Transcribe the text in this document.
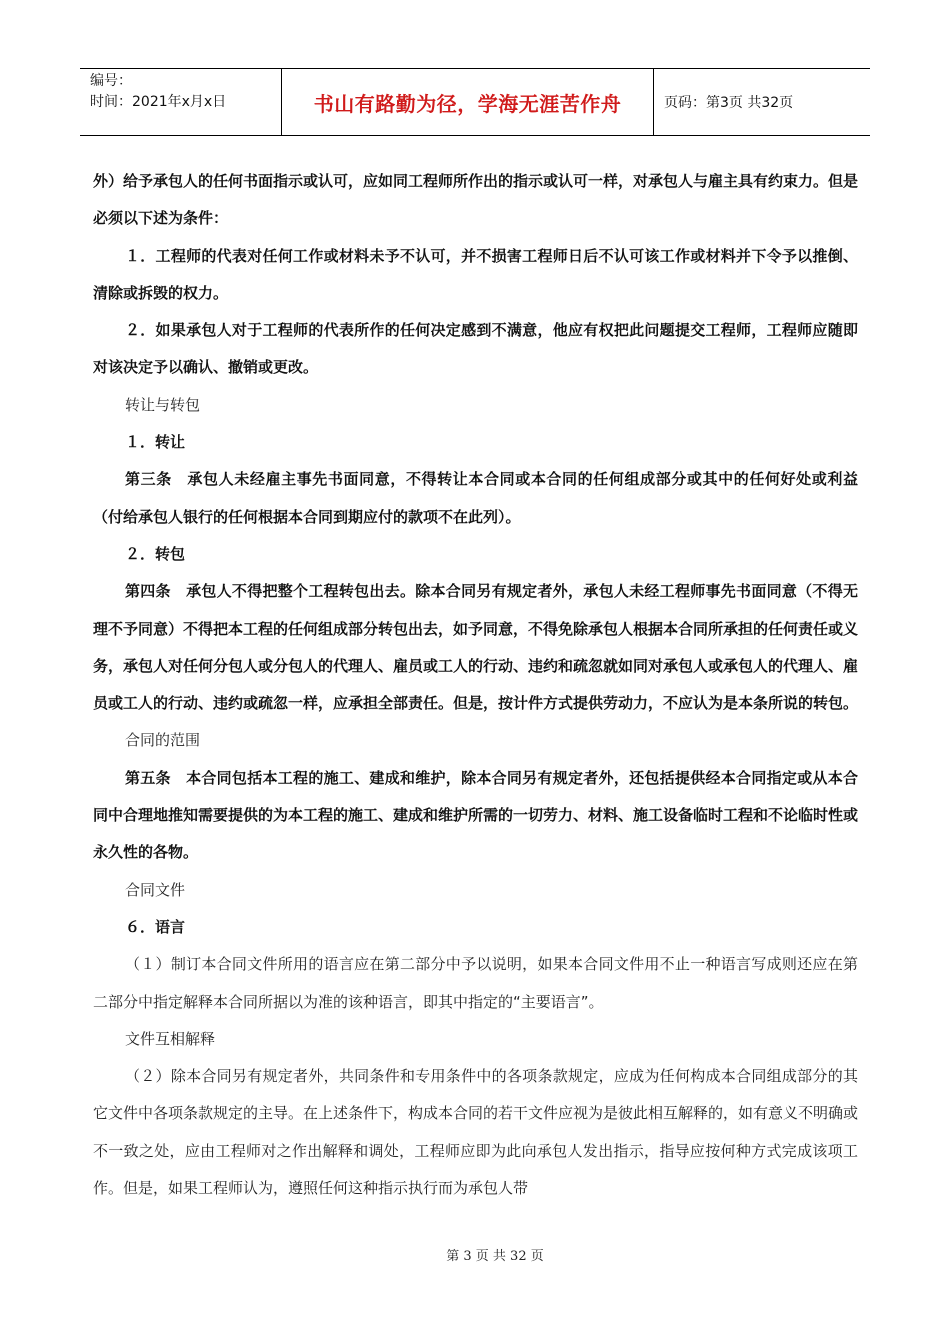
编号：
时间：2021年x月x日	书山有路勤为径，学海无涯苦作舟	页码：第3页 共32页

外）给予承包人的任何书面指示或认可，应如同工程师所作出的指示或认可一样，对承包人与雇主具有约束力。但是必须以下述为条件：

１．工程师的代表对任何工作或材料未予不认可，并不损害工程师日后不认可该工作或材料并下令予以推倒、清除或拆毁的权力。

２．如果承包人对于工程师的代表所作的任何决定感到不满意，他应有权把此问题提交工程师，工程师应随即对该决定予以确认、撤销或更改。

转让与转包

１．转让

第三条　承包人未经雇主事先书面同意，不得转让本合同或本合同的任何组成部分或其中的任何好处或利益（付给承包人银行的任何根据本合同到期应付的款项不在此列）。

２．转包

第四条　承包人不得把整个工程转包出去。除本合同另有规定者外，承包人未经工程师事先书面同意（不得无理不予同意）不得把本工程的任何组成部分转包出去，如予同意，不得免除承包人根据本合同所承担的任何责任或义务，承包人对任何分包人或分包人的代理人、雇员或工人的行动、违约和疏忽就如同对承包人或承包人的代理人、雇员或工人的行动、违约或疏忽一样，应承担全部责任。但是，按计件方式提供劳动力，不应认为是本条所说的转包。

合同的范围

第五条　本合同包括本工程的施工、建成和维护，除本合同另有规定者外，还包括提供经本合同指定或从本合同中合理地推知需要提供的为本工程的施工、建成和维护所需的一切劳力、材料、施工设备临时工程和不论临时性或永久性的各物。

合同文件

６．语言

（１）制订本合同文件所用的语言应在第二部分中予以说明，如果本合同文件用不止一种语言写成则还应在第二部分中指定解释本合同所据以为准的该种语言，即其中指定的“主要语言”。

文件互相解释

（２）除本合同另有规定者外，共同条件和专用条件中的各项条款规定，应成为任何构成本合同组成部分的其它文件中各项条款规定的主导。在上述条件下，构成本合同的若干文件应视为是彼此相互解释的，如有意义不明确或不一致之处，应由工程师对之作出解释和调处，工程师应即为此向承包人发出指示，指导应按何种方式完成该项工作。但是，如果工程师认为，遵照任何这种指示执行而为承包人带

第 3 页 共 32 页
